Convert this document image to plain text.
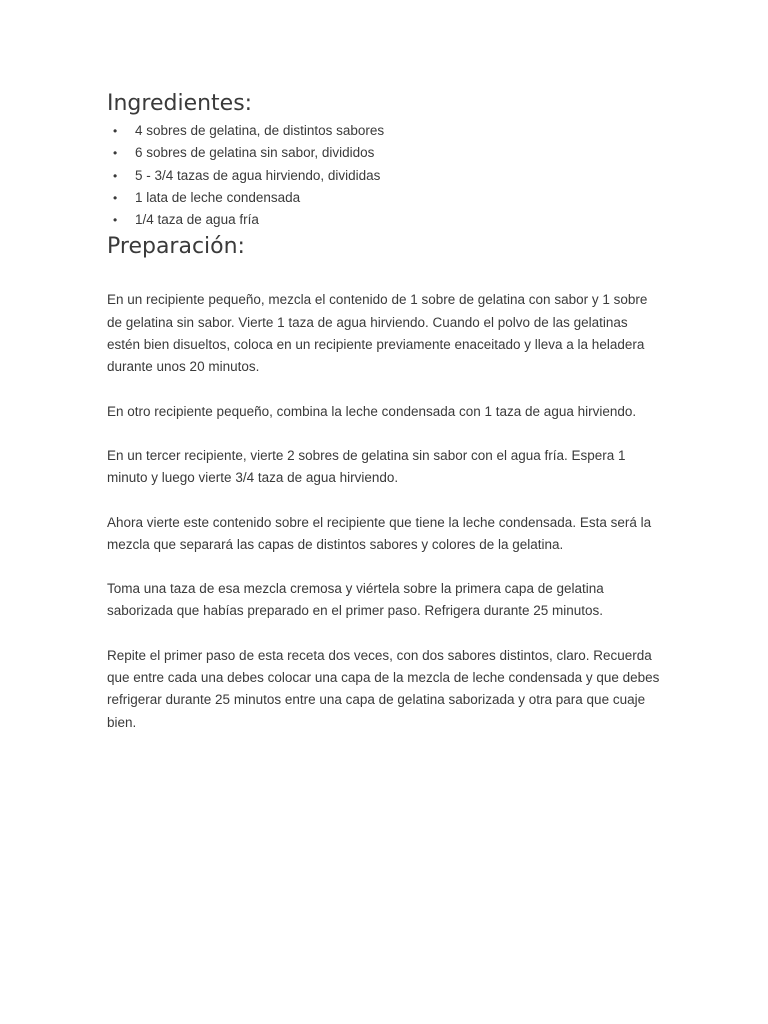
Ingredientes:
• 4 sobres de gelatina, de distintos sabores
• 6 sobres de gelatina sin sabor, divididos
• 5 - 3/4 tazas de agua hirviendo, divididas
• 1 lata de leche condensada
• 1/4 taza de agua fría
Preparación:

En un recipiente pequeño, mezcla el contenido de 1 sobre de gelatina con sabor y 1 sobre de gelatina sin sabor. Vierte 1 taza de agua hirviendo. Cuando el polvo de las gelatinas estén bien disueltos, coloca en un recipiente previamente enaceitado y lleva a la heladera durante unos 20 minutos.

En otro recipiente pequeño, combina la leche condensada con 1 taza de agua hirviendo.

En un tercer recipiente, vierte 2 sobres de gelatina sin sabor con el agua fría. Espera 1 minuto y luego vierte 3/4 taza de agua hirviendo.

Ahora vierte este contenido sobre el recipiente que tiene la leche condensada. Esta será la mezcla que separará las capas de distintos sabores y colores de la gelatina.

Toma una taza de esa mezcla cremosa y viértela sobre la primera capa de gelatina saborizada que habías preparado en el primer paso. Refrigera durante 25 minutos.

Repite el primer paso de esta receta dos veces, con dos sabores distintos, claro. Recuerda que entre cada una debes colocar una capa de la mezcla de leche condensada y que debes refrigerar durante 25 minutos entre una capa de gelatina saborizada y otra para que cuaje bien.
